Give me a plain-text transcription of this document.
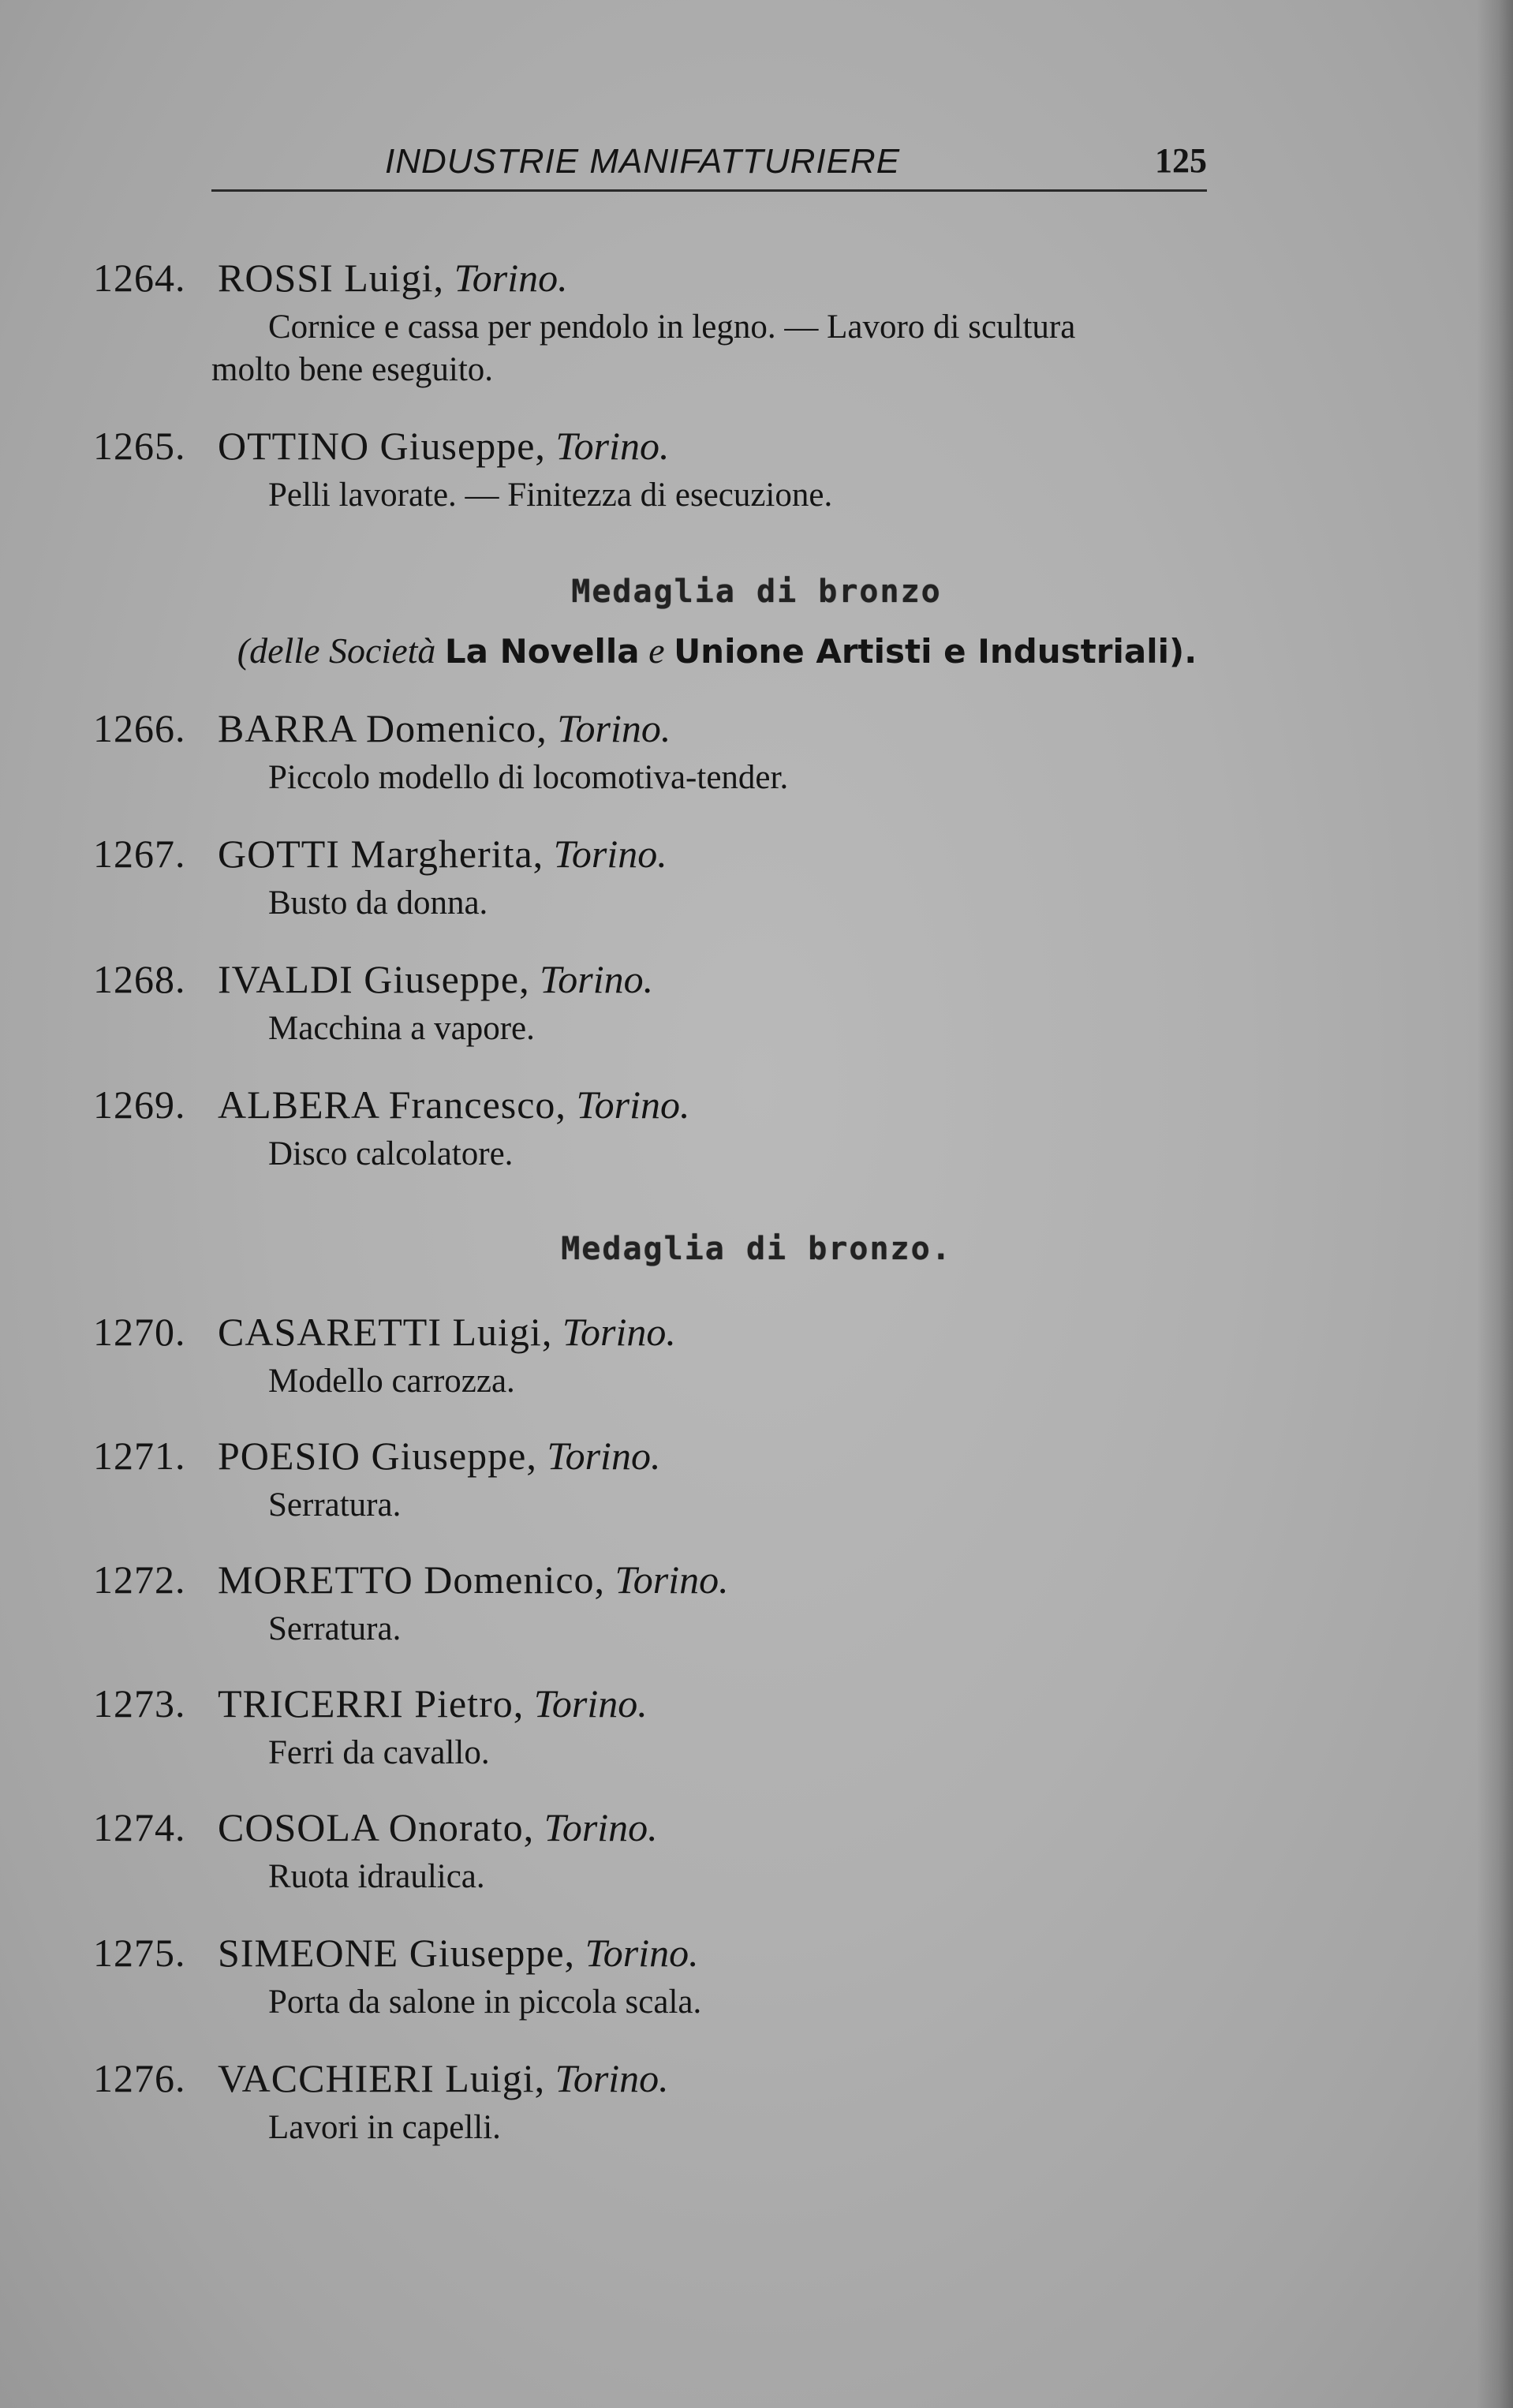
INDUSTRIE MANIFATTURIERE	125
1264. ROSSI Luigi, Torino.
Cornice e cassa per pendolo in legno. — Lavoro di scultura
molto bene eseguito.
1265. OTTINO Giuseppe, Torino.
Pelli lavorate. — Finitezza di esecuzione.
Medaglia di bronzo
(delle Società La Novella e Unione Artisti e Industriali).
1266. BARRA Domenico, Torino.
Piccolo modello di locomotiva-tender.
1267. GOTTI Margherita, Torino.
Busto da donna.
1268. IVALDI Giuseppe, Torino.
Macchina a vapore.
1269. ALBERA Francesco, Torino.
Disco calcolatore.
Medaglia di bronzo.
1270. CASARETTI Luigi, Torino.
Modello carrozza.
1271. POESIO Giuseppe, Torino.
Serratura.
1272. MORETTO Domenico, Torino.
Serratura.
1273. TRICERRI Pietro, Torino.
Ferri da cavallo.
1274. COSOLA Onorato, Torino.
Ruota idraulica.
1275. SIMEONE Giuseppe, Torino.
Porta da salone in piccola scala.
1276. VACCHIERI Luigi, Torino.
Lavori in capelli.
